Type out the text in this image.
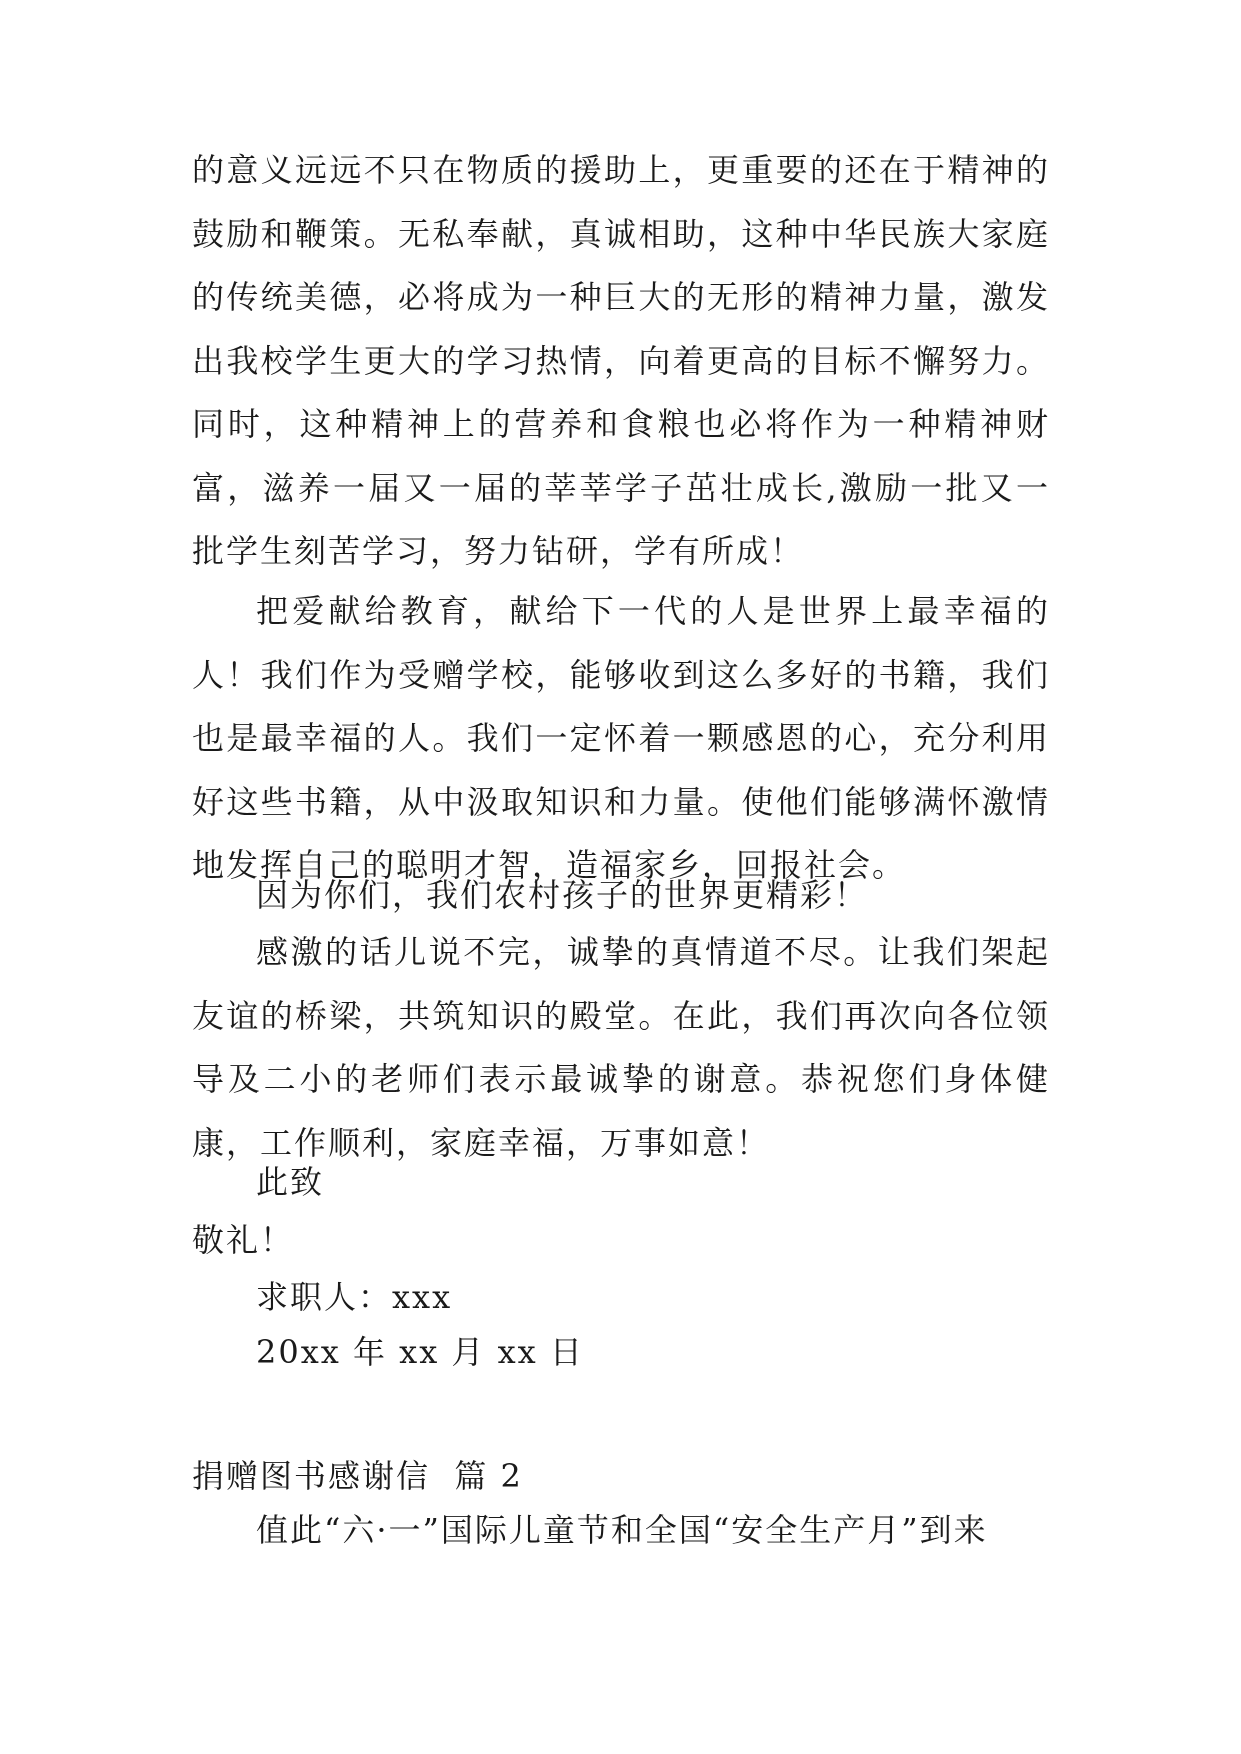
的意义远远不只在物质的援助上，更重要的还在于精神的鼓励和鞭策。无私奉献，真诚相助，这种中华民族大家庭的传统美德，必将成为一种巨大的无形的精神力量，激发出我校学生更大的学习热情，向着更高的目标不懈努力。同时，这种精神上的营养和食粮也必将作为一种精神财富，滋养一届又一届的莘莘学子茁壮成长,激励一批又一批学生刻苦学习，努力钻研，学有所成！

把爱献给教育，献给下一代的人是世界上最幸福的人！我们作为受赠学校，能够收到这么多好的书籍，我们也是最幸福的人。我们一定怀着一颗感恩的心，充分利用好这些书籍，从中汲取知识和力量。使他们能够满怀激情地发挥自己的聪明才智，造福家乡，回报社会。

因为你们，我们农村孩子的世界更精彩！

感激的话儿说不完，诚挚的真情道不尽。让我们架起友谊的桥梁，共筑知识的殿堂。在此，我们再次向各位领导及二小的老师们表示最诚挚的谢意。恭祝您们身体健康，工作顺利，家庭幸福，万事如意！

此致

敬礼！

求职人：xxx

20xx 年 xx 月 xx 日

捐赠图书感谢信  篇 2

值此“六·一”国际儿童节和全国“安全生产月”到来
